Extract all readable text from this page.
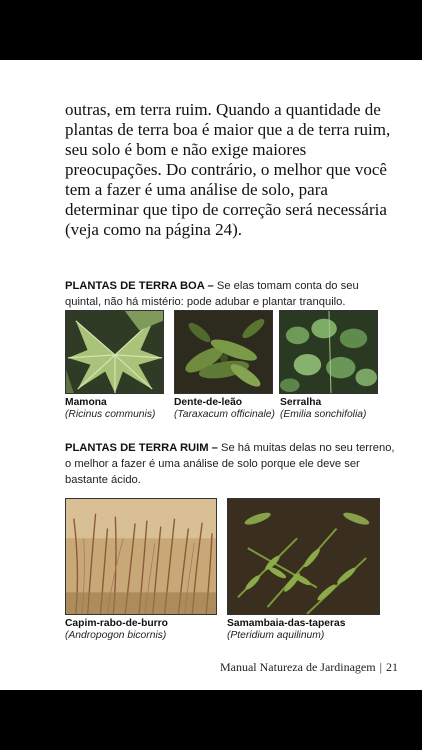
outras, em terra ruim. Quando a quantidade de plantas de terra boa é maior que a de terra ruim, seu solo é bom e não exige maiores preocupações. Do contrário, o melhor que você tem a fazer é uma análise de solo, para determinar que tipo de correção será necessária (veja como na página 24).

PLANTAS DE TERRA BOA – Se elas tomam conta do seu quintal, não há mistério: pode adubar e plantar tranquilo.
Mamona
(Ricinus communis)
Dente-de-leão
(Taraxacum officinale)
Serralha
(Emilia sonchifolia)
PLANTAS DE TERRA RUIM – Se há muitas delas no seu terreno, o melhor a fazer é uma análise de solo porque ele deve ser bastante ácido.
Capim-rabo-de-burro
(Andropogon bicornis)
Samambaia-das-taperas
(Pteridium aquilinum)
Manual Natureza de Jardinagem | 21
